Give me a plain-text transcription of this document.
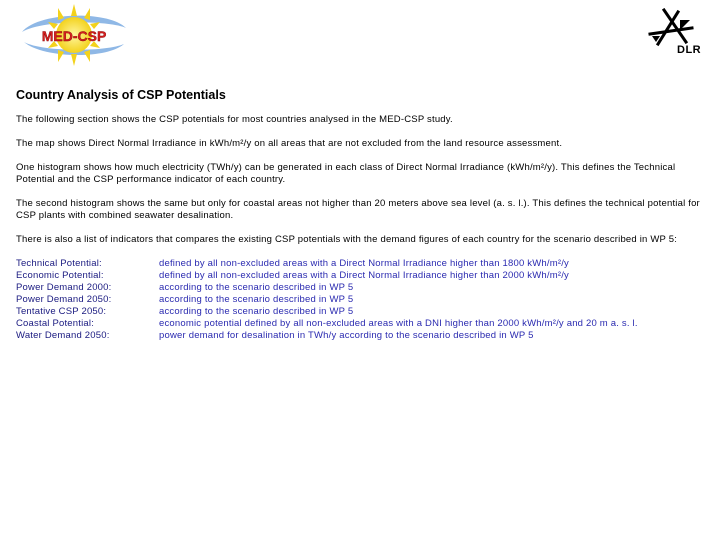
MED-CSP
DLR
Country Analysis of CSP Potentials
The following section shows the CSP potentials for most countries analysed in the MED-CSP study.
The map shows Direct Normal Irradiance in kWh/m²/y on all areas that are not excluded from the land resource assessment.
One histogram shows how much electricity (TWh/y) can be generated in each class of Direct Normal Irradiance (kWh/m²/y). This defines the Technical Potential and the CSP performance indicator of each country.
The second histogram shows the same but only for coastal areas not higher than 20 meters above sea level (a. s. l.). This defines the technical potential for CSP plants with combined seawater desalination.
There is also a list of indicators that compares the existing CSP potentials with the demand figures of each country for the scenario described in WP 5:
Technical Potential:	defined by all non-excluded areas with a Direct Normal Irradiance higher than 1800 kWh/m²/y
Economic Potential:	defined by all non-excluded areas with a Direct Normal Irradiance higher than 2000 kWh/m²/y
Power Demand 2000:	according to the scenario described in WP 5
Power Demand 2050:	according to the scenario described in WP 5
Tentative CSP 2050:	according to the scenario described in WP 5
Coastal Potential:	economic potential defined by all non-excluded areas with a DNI higher than 2000 kWh/m²/y and 20 m a. s. l.
Water Demand 2050:	power demand for desalination in TWh/y according to the scenario described in WP 5
